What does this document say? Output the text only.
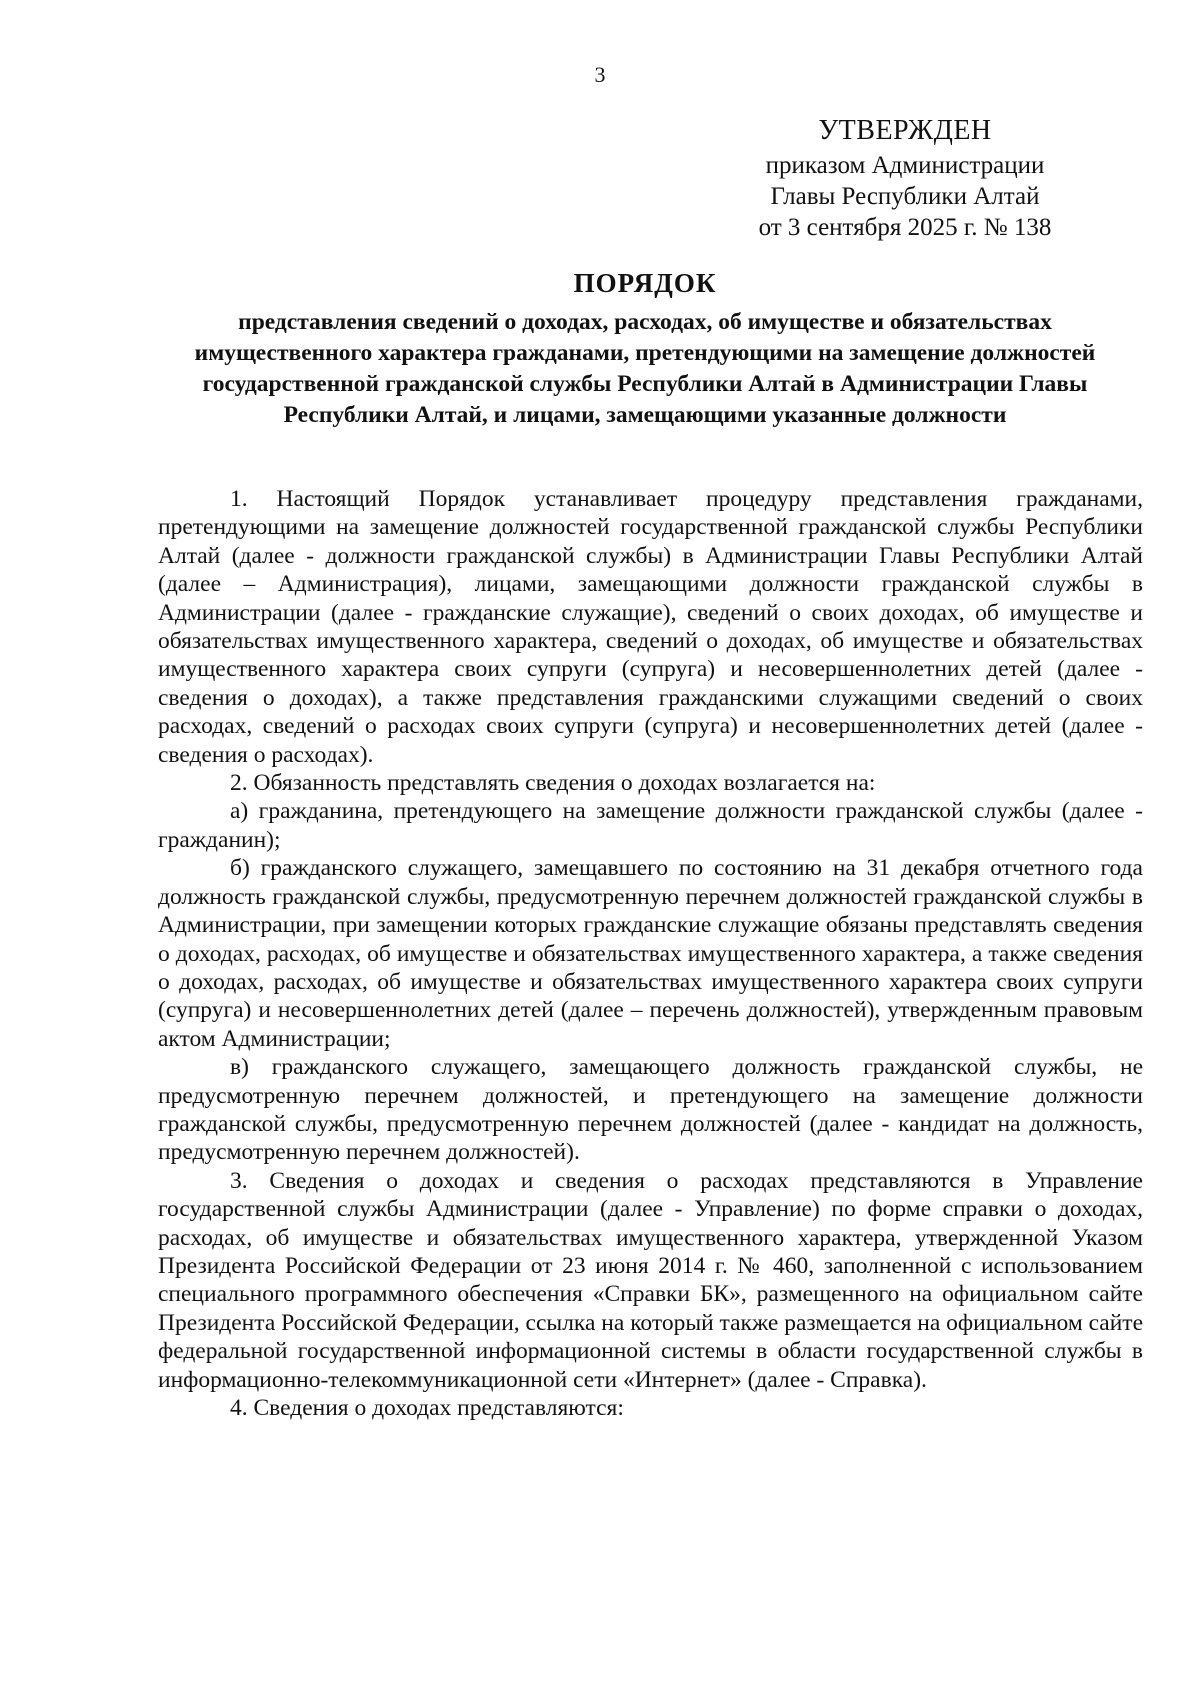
3
УТВЕРЖДЕН
приказом Администрации
Главы Республики Алтай
от 3 сентября 2025 г. № 138
ПОРЯДОК
представления сведений о доходах, расходах, об имуществе и обязательствах имущественного характера гражданами, претендующими на замещение должностей государственной гражданской службы Республики Алтай в Администрации Главы Республики Алтай, и лицами, замещающими указанные должности

1. Настоящий Порядок устанавливает процедуру представления гражданами, претендующими на замещение должностей государственной гражданской службы Республики Алтай (далее - должности гражданской службы) в Администрации Главы Республики Алтай (далее – Администрация), лицами, замещающими должности гражданской службы в Администрации (далее - гражданские служащие), сведений о своих доходах, об имуществе и обязательствах имущественного характера, сведений о доходах, об имуществе и обязательствах имущественного характера своих супруги (супруга) и несовершеннолетних детей (далее - сведения о доходах), а также представления гражданскими служащими сведений о своих расходах, сведений о расходах своих супруги (супруга) и несовершеннолетних детей (далее - сведения о расходах).

2. Обязанность представлять сведения о доходах возлагается на:

а) гражданина, претендующего на замещение должности гражданской службы (далее - гражданин);

б) гражданского служащего, замещавшего по состоянию на 31 декабря отчетного года должность гражданской службы, предусмотренную перечнем должностей гражданской службы в Администрации, при замещении которых гражданские служащие обязаны представлять сведения о доходах, расходах, об имуществе и обязательствах имущественного характера, а также сведения о доходах, расходах, об имуществе и обязательствах имущественного характера своих супруги (супруга) и несовершеннолетних детей (далее – перечень должностей), утвержденным правовым актом Администрации;

в) гражданского служащего, замещающего должность гражданской службы, не предусмотренную перечнем должностей, и претендующего на замещение должности гражданской службы, предусмотренную перечнем должностей (далее - кандидат на должность, предусмотренную перечнем должностей).

3. Сведения о доходах и сведения о расходах представляются в Управление государственной службы Администрации (далее - Управление) по форме справки о доходах, расходах, об имуществе и обязательствах имущественного характера, утвержденной Указом Президента Российской Федерации от 23 июня 2014 г. № 460, заполненной с использованием специального программного обеспечения «Справки БК», размещенного на официальном сайте Президента Российской Федерации, ссылка на который также размещается на официальном сайте федеральной государственной информационной системы в области государственной службы в информационно-телекоммуникационной сети «Интернет» (далее - Справка).

4. Сведения о доходах представляются:
